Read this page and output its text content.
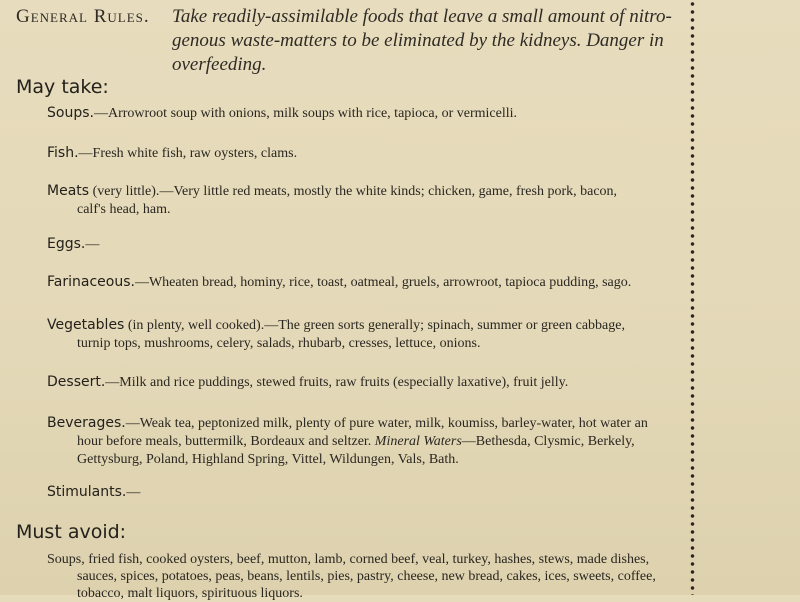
General Rules. Take readily-assimilable foods that leave a small amount of nitro-
genous waste-matters to be eliminated by the kidneys. Danger in
overfeeding.
May take:
Soups.—Arrowroot soup with onions, milk soups with rice, tapioca, or vermicelli.
Fish.—Fresh white fish, raw oysters, clams.
Meats (very little).—Very little red meats, mostly the white kinds; chicken, game, fresh pork, bacon,
calf's head, ham.
Eggs.—
Farinaceous.—Wheaten bread, hominy, rice, toast, oatmeal, gruels, arrowroot, tapioca pudding, sago.
Vegetables (in plenty, well cooked).—The green sorts generally; spinach, summer or green cabbage,
turnip tops, mushrooms, celery, salads, rhubarb, cresses, lettuce, onions.
Dessert.—Milk and rice puddings, stewed fruits, raw fruits (especially laxative), fruit jelly.
Beverages.—Weak tea, peptonized milk, plenty of pure water, milk, koumiss, barley-water, hot water an
hour before meals, buttermilk, Bordeaux and seltzer. Mineral Waters—Bethesda, Clysmic, Berkely,
Gettysburg, Poland, Highland Spring, Vittel, Wildungen, Vals, Bath.
Stimulants.—
Must avoid:
Soups, fried fish, cooked oysters, beef, mutton, lamb, corned beef, veal, turkey, hashes, stews, made dishes,
sauces, spices, potatoes, peas, beans, lentils, pies, pastry, cheese, new bread, cakes, ices, sweets, coffee,
tobacco, malt liquors, spirituous liquors.
